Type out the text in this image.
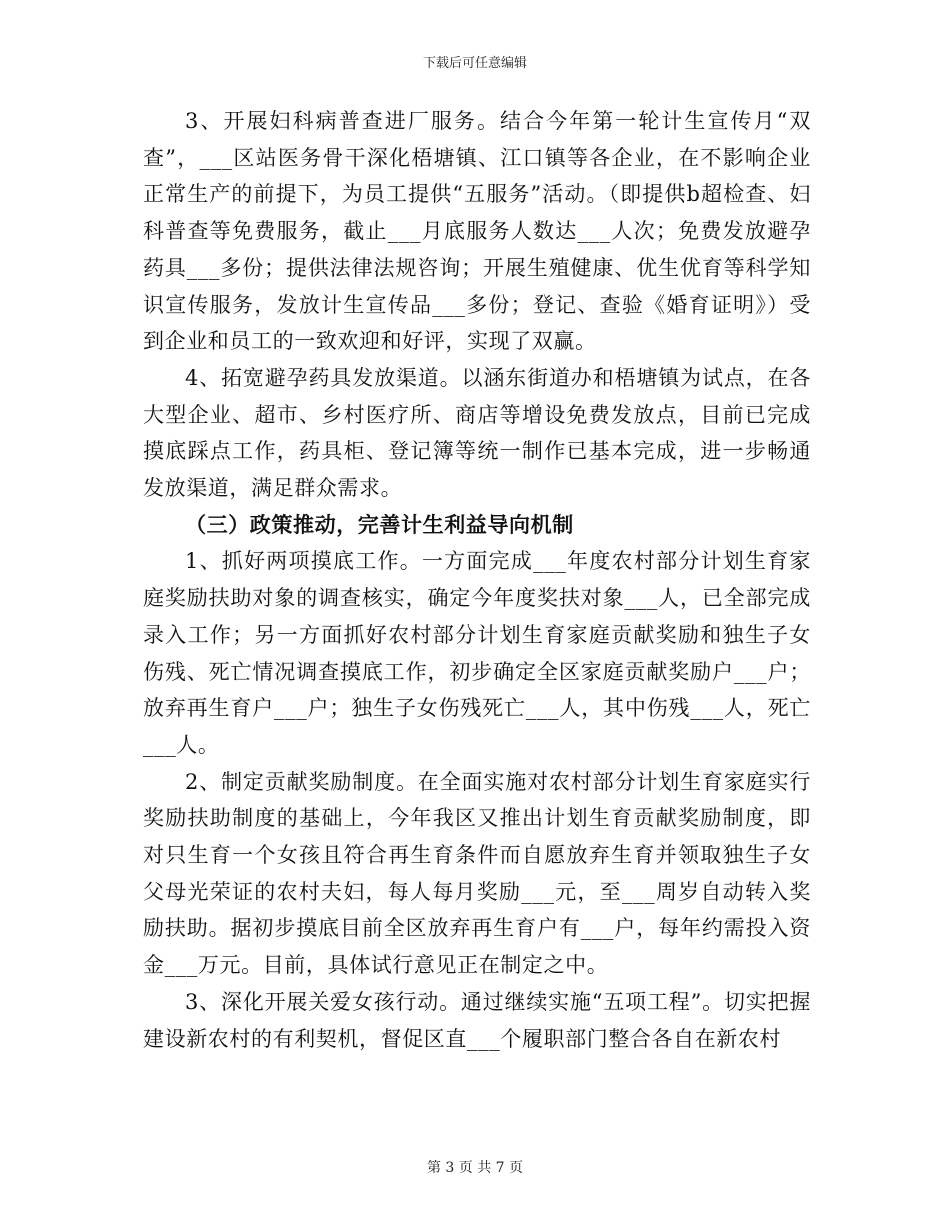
下载后可任意编辑

3、开展妇科病普查进厂服务。结合今年第一轮计生宣传月“双查”，___区站医务骨干深化梧塘镇、江口镇等各企业，在不影响企业正常生产的前提下，为员工提供“五服务”活动。（即提供b超检查、妇科普查等免费服务，截止___月底服务人数达___人次；免费发放避孕药具___多份；提供法律法规咨询；开展生殖健康、优生优育等科学知识宣传服务，发放计生宣传品___多份；登记、查验《婚育证明》）受到企业和员工的一致欢迎和好评，实现了双赢。

4、拓宽避孕药具发放渠道。以涵东街道办和梧塘镇为试点，在各大型企业、超市、乡村医疗所、商店等增设免费发放点，目前已完成摸底踩点工作，药具柜、登记簿等统一制作已基本完成，进一步畅通发放渠道，满足群众需求。

（三）政策推动，完善计生利益导向机制

1、抓好两项摸底工作。一方面完成___年度农村部分计划生育家庭奖励扶助对象的调查核实，确定今年度奖扶对象___人，已全部完成录入工作；另一方面抓好农村部分计划生育家庭贡献奖励和独生子女伤残、死亡情况调查摸底工作，初步确定全区家庭贡献奖励户___户；放弃再生育户___户；独生子女伤残死亡___人，其中伤残___人，死亡___人。

2、制定贡献奖励制度。在全面实施对农村部分计划生育家庭实行奖励扶助制度的基础上，今年我区又推出计划生育贡献奖励制度，即对只生育一个女孩且符合再生育条件而自愿放弃生育并领取独生子女父母光荣证的农村夫妇，每人每月奖励___元，至___周岁自动转入奖励扶助。据初步摸底目前全区放弃再生育户有___户，每年约需投入资金___万元。目前，具体试行意见正在制定之中。

3、深化开展关爱女孩行动。通过继续实施“五项工程”。切实把握建设新农村的有利契机，督促区直___个履职部门整合各自在新农村

第 3 页 共 7 页
